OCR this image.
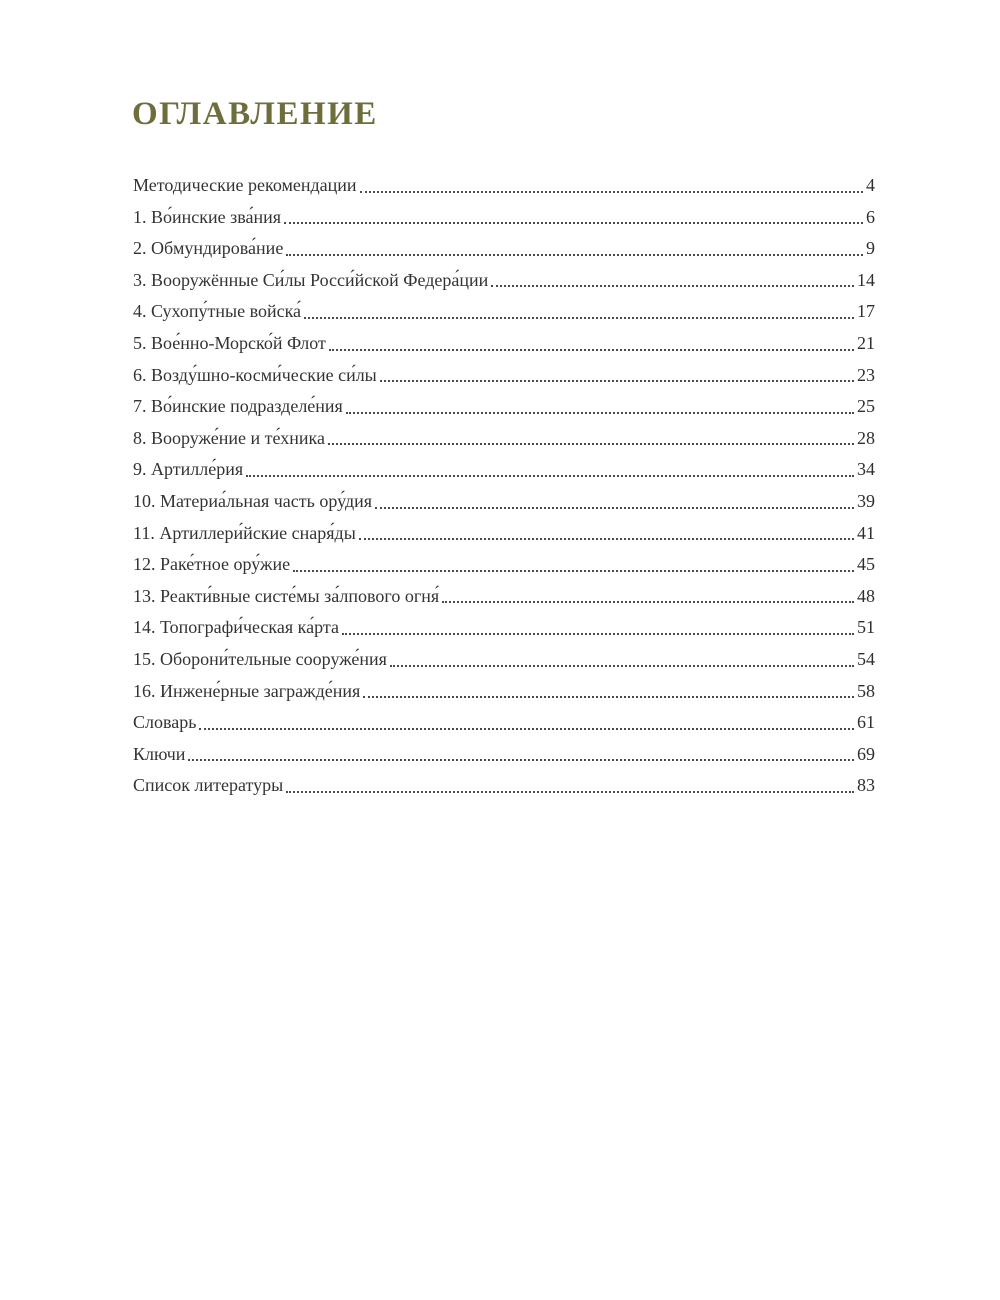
ОГЛАВЛЕНИЕ
Методические рекомендации	4
1. Во́инские зва́ния	6
2. Обмундирова́ние	9
3. Вооружённые Си́лы Росси́йской Федера́ции	14
4. Сухопу́тные войска́	17
5. Вое́нно-Морско́й Флот	21
6. Возду́шно-косми́ческие си́лы	23
7. Во́инские подразделе́ния	25
8. Вооруже́ние и те́хника	28
9. Артилле́рия	34
10. Материа́льная часть ору́дия	39
11. Артиллери́йские снаря́ды	41
12. Раке́тное ору́жие	45
13. Реакти́вные систе́мы за́лпового огня́	48
14. Топографи́ческая ка́рта	51
15. Оборони́тельные сооруже́ния	54
16. Инжене́рные загражде́ния	58
Словарь	61
Ключи	69
Список литературы	83
